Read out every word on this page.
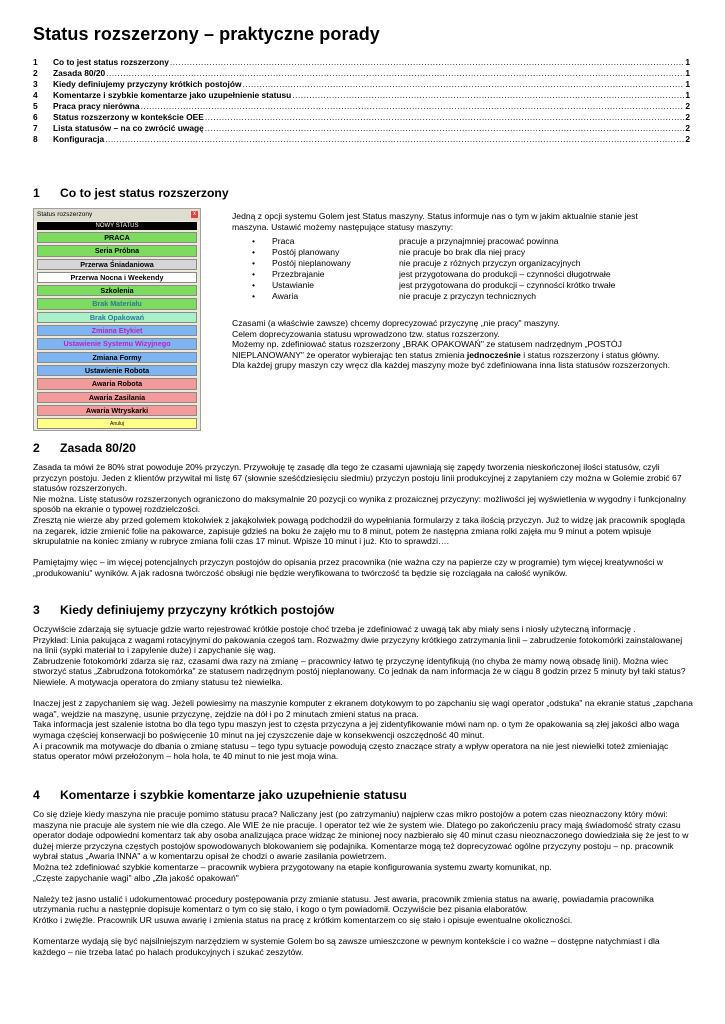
Status rozszerzony – praktyczne porady
1	Co to jest status rozszerzony .....	1
2	Zasada 80/20 .....	1
3	Kiedy definiujemy przyczyny krótkich postojów .....	1
4	Komentarze i szybkie komentarze jako uzupełnienie statusu .....	1
5	Praca pracy nierówna .....	2
6	Status rozszerzony w kontekście OEE .....	2
7	Lista statusów – na co zwrócić uwagę .....	2
8	Konfiguracja .....	2
1 Co to jest status rozszerzony
Status rozszerzony	x
NOWY STATUS
PRACA
Seria Próbna
Przerwa Śniadaniowa
Przerwa Nocna i Weekendy
Szkolenia
Brak Materiału
Brak Opakowań
Zmiana Etykiet
Ustawienie Systemu Wizyjnego
Zmiana Formy
Ustawienie Robota
Awaria Robota
Awaria Zasilania
Awaria Wtryskarki
Anuluj

Jedną z opcji systemu Golem jest Status maszyny. Status informuje nas o tym w jakim aktualnie stanie jest maszyna. Ustawić możemy następujące statusy maszyny:

•	Praca	pracuje a przynajmniej pracować powinna
•	Postój planowany	nie pracuje bo brak dla niej pracy
•	Postój nieplanowany	nie pracuje z różnych przyczyn organizacyjnych
•	Przezbrajanie	jest przygotowana do produkcji – czynności długotrwałe
•	Ustawianie	jest przygotowana do produkcji – czynności krótko trwałe
•	Awaria	nie pracuje z przyczyn technicznych

Czasami (a właściwie zawsze) chcemy doprecyzować przyczynę „nie pracy" maszyny.

Celem doprecyzowania statusu wprowadzono tzw. status rozszerzony.

Możemy np. zdefiniować status rozszerzony „BRAK OPAKOWAŃ" ze statusem nadrzędnym „POSTÓJ NIEPLANOWANY" że operator wybierając ten status zmienia jednocześnie i status rozszerzony i status główny.

Dla każdej grupy maszyn czy wręcz dla każdej maszyny może być zdefiniowana inna lista statusów rozszerzonych.

2 Zasada 80/20

Zasada ta mówi że 80% strat powoduje 20% przyczyn. Przywołuję tę zasadę dla tego że czasami ujawniają się zapędy tworzenia nieskończonej ilości statusów, czyli przyczyn postoju. Jeden z klientów przywitał mi listę 67 (słownie sześćdziesięciu siedmiu) przyczyn postoju linii produkcyjnej z zapytaniem czy można w Golemie zrobić 67 statusów rozszerzonych.

Nie można. Listę statusów rozszerzonych ograniczono do maksymalnie 20 pozycji co wynika z prozaicznej przyczyny: możliwości jej wyświetlenia w wygodny i funkcjonalny sposób na ekranie o typowej rozdzielczości.

Zresztą nie wierze aby przed golemem ktokolwiek z jakąkolwiek powagą podchodził do wypełniania formularzy z taka ilością przyczyn. Już to widzę jak pracownik spogląda na zegarek, idzie zmienić folie na pakowarce, zapisuje gdzieś na boku że zajęło mu to 8 minut, potem że następna zmiana rolki zajęła mu 9 minut a potem wpisuje skrupulatnie na koniec zmiany w rubryce zmiana folii czas 17 minut. Wpisze 10 minut i już. Kto to sprawdzi….

Pamiętajmy więc – im więcej potencjalnych przyczyn postojów do opisania przez pracownika (nie ważna czy na papierze czy w programie) tym więcej kreatywności w „produkowaniu" wyników. A jak radosna twórczość obsługi nie będzie weryfikowana to twórczość ta będzie się rozciągała na całość wyników.

3 Kiedy definiujemy przyczyny krótkich postojów

Oczywiście zdarzają się sytuacje gdzie warto rejestrować krótkie postoje choć trzeba je zdefiniować z uwagą tak aby miały sens i niosły użyteczną informację .

Przykład: Linia pakująca z wagami rotacyjnymi do pakowania czegoś tam. Rozważmy dwie przyczyny krótkiego zatrzymania linii – zabrudzenie fotokomórki zainstalowanej na linii (sypki materiał to i zapylenie duże) i zapychanie się wag.

Zabrudzenie fotokomórki zdarza się raz, czasami dwa razy na zmianę – pracownicy łatwo tę przyczynę identyfikują (no chyba że mamy nową obsadę linii). Można wiec stworzyć status „Zabrudzona fotokomórka" ze statusem nadrzędnym postój nieplanowany. Co jednak da nam informacja że w ciągu 8 godzin przez 5 minuty był taki status? Niewiele. A motywacja operatora do zmiany statusu też niewielka.

Inaczej jest z zapychaniem się wag. Jeżeli powiesimy na maszynie komputer z ekranem dotykowym to po zapchaniu się wagi operator „odstuka" na ekranie status „zapchana waga", wejdzie na maszynę, usunie przyczynę, zejdzie na dół i po 2 minutach zmieni status na praca.

Taka informacja jest szalenie istotna bo dla tego typu maszyn jest to częsta przyczyna a jej zidentyfikowanie mówi nam np. o tym że opakowania są złej jakości albo waga wymaga częściej konserwacji bo poświęcenie 10 minut na jej czyszczenie daje w konsekwencji oszczędność 40 minut.

A i pracownik ma motywacje do dbania o zmianę statusu – tego typu sytuacje powodują często znaczące straty a wpływ operatora na nie jest niewielki toteż zmieniając status operator mówi przełożonym – hola hola, te 40 minut to nie jest moja wina.

4 Komentarze i szybkie komentarze jako uzupełnienie statusu

Co się dzieje kiedy maszyna nie pracuje pomimo statusu praca? Naliczany jest (po zatrzymaniu) najpierw czas mikro postojów a potem czas nieoznaczony który mówi: maszyna nie pracuje ale system nie wie dla czego. Ale WIE że nie pracuje. I operator też wie że system wie. Dlatego po zakończeniu pracy mają świadomość straty czasu operator dodaje odpowiedni komentarz tak aby osoba analizująca prace widząc że minionej nocy nazbierało się 40 minut czasu nieoznaczonego dowiedziała się że jest to w dużej mierze przyczyna częstych postojów spowodowanych blokowaniem się podajnika. Komentarze mogą też doprecyzować ogólne przyczyny postoju – np. pracownik wybrał status „Awaria INNA" a w komentarzu opisał że chodzi o awarie zasilania powietrzem.

Można też zdefiniować szybkie komentarze – pracownik wybiera przygotowany na etapie konfigurowania systemu zwarty komunikat, np.

„Częste zapychanie wagi" albo „Zła jakość opakowań"

Należy też jasno ustalić i udokumentować procedury postępowania przy zmianie statusu. Jest awaria, pracownik zmienia status na awarię, powiadamia pracownika utrzymania ruchu a następnie dopisuje komentarz o tym co się stało, i kogo o tym powiadomił. Oczywiście bez pisania elaboratów.

Krótko i zwięźle. Pracownik UR usuwa awarię i zmienia status na pracę z krótkim komentarzem co się stało i opisuje ewentualne okoliczności.

Komentarze wydają się być najsilniejszym narzędziem w systemie Golem bo są zawsze umieszczone w pewnym kontekście i co ważne – dostępne natychmiast i dla każdego – nie trzeba latać po halach produkcyjnych i szukać zeszytów.
